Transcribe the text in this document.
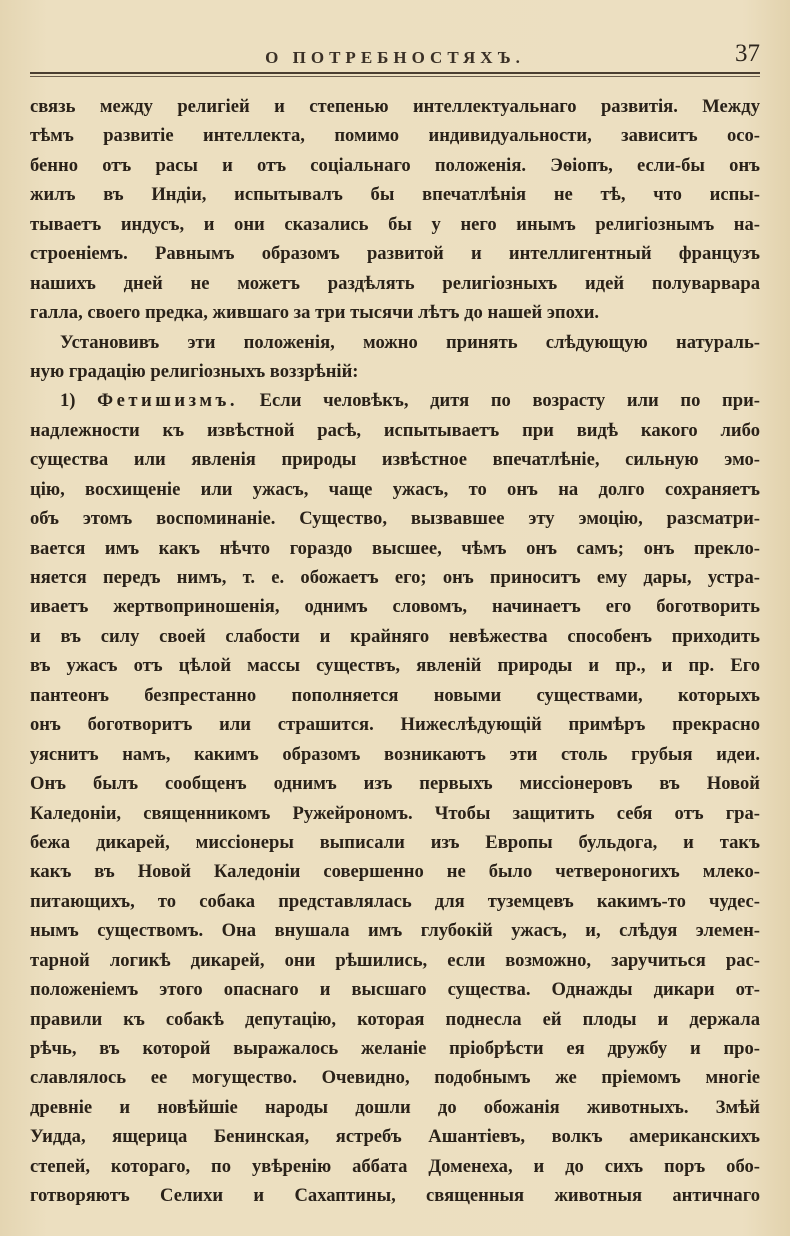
О ПОТРЕБНОСТЯХЪ.	37
связь между религiей и степенью интеллектуальнаго развитiя. Между
тѣмъ развитiе интеллекта, помимо индивидуальности, зависитъ осо-
бенно отъ расы и отъ соцiальнаго положенiя. Эѳiопъ, если-бы онъ
жилъ въ Индiи, испытывалъ бы впечатлѣнiя не тѣ, что испы-
тываетъ индусъ, и они сказались бы у него инымъ религiознымъ на-
строенiемъ. Равнымъ образомъ развитой и интеллигентный французъ
нашихъ дней не можетъ раздѣлять религiозныхъ идей полуварвара
галла, своего предка, жившаго за три тысячи лѣтъ до нашей эпохи.
Установивъ эти положенiя, можно принять слѣдующую натураль-
ную градацiю религiозныхъ воззрѣнiй:
1) Фетишизмъ. Если человѣкъ, дитя по возрасту или по при-
надлежности къ извѣстной расѣ, испытываетъ при видѣ какого либо
существа или явленiя природы извѣстное впечатлѣнiе, сильную эмо-
цiю, восхищенiе или ужасъ, чаще ужасъ, то онъ на долго сохраняетъ
объ этомъ воспоминанiе. Существо, вызвавшее эту эмоцiю, разсматри-
вается имъ какъ нѣчто гораздо высшее, чѣмъ онъ самъ; онъ прекло-
няется передъ нимъ, т. е. обожаетъ его; онъ приноситъ ему дары, устра-
иваетъ жертвоприношенiя, однимъ словомъ, начинаетъ его боготворить
и въ силу своей слабости и крайняго невѣжества способенъ приходить
въ ужасъ отъ цѣлой массы существъ, явленiй природы и пр., и пр. Его
пантеонъ безпрестанно пополняется новыми существами, которыхъ
онъ боготворитъ или страшится. Нижеслѣдующiй примѣръ прекрасно
уяснитъ намъ, какимъ образомъ возникаютъ эти столь грубыя идеи.
Онъ былъ сообщенъ однимъ изъ первыхъ миссiонеровъ въ Новой
Каледонiи, священникомъ Ружейрономъ. Чтобы защитить себя отъ гра-
бежа дикарей, миссiонеры выписали изъ Европы бульдога, и такъ
какъ въ Новой Каледонiи совершенно не было четвероногихъ млеко-
питающихъ, то собака представлялась для туземцевъ какимъ-то чудес-
нымъ существомъ. Она внушала имъ глубокiй ужасъ, и, слѣдуя элемен-
тарной логикѣ дикарей, они рѣшились, если возможно, заручиться рас-
положенiемъ этого опаснаго и высшаго существа. Однажды дикари от-
правили къ собакѣ депутацiю, которая поднесла ей плоды и держала
рѣчь, въ которой выражалось желанiе прiобрѣсти ея дружбу и про-
славлялось ее могущество. Очевидно, подобнымъ же прiемомъ многiе
древнiе и новѣйшiе народы дошли до обожанiя животныхъ. Змѣй
Уидда, ящерица Бенинская, ястребъ Ашантiевъ, волкъ американскихъ
степей, котораго, по увѣренiю аббата Доменеха, и до сихъ поръ обо-
готворяютъ Селихи и Сахаптины, священныя животныя античнаго
